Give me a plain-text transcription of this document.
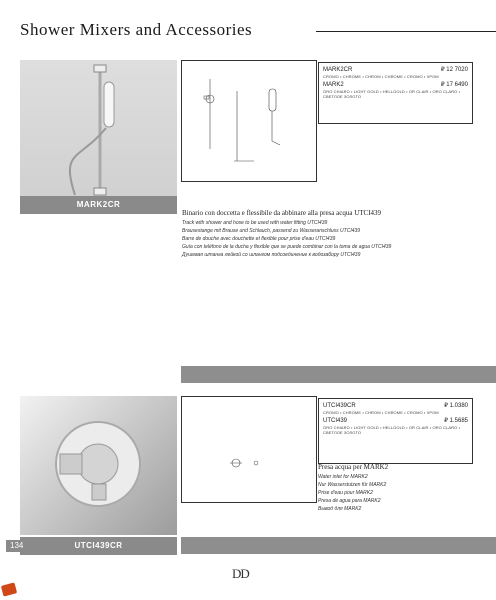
Shower Mixers and Accessories
MARK2CR
MARK2CR	₽ 12 7020
CROMO • CHROME • CHROM • CHROME • CROMO • ХРОМ
MARK2	₽ 17 6490
ORO CHIARO • LIGHT GOLD • HELLGOLD • OR CLAIR • ORO CLARO • СВЕТЛОЕ ЗОЛОТО
Binario con doccetta e flessibile da abbinare alla presa acqua UTCI439
Track with shower and hose to be used with water fitting UTCI439
Brausestange mit Brause und Schlauch, passend zu Wasseranschluss UTCI439
Barre de douche avec douchette et flexible pour prise d'eau UTCI439
Guía con teléfono de la ducha y flexible que se puede combinar con la toma de agua UTCI439
Душевая штанга лейкой со шлангом подсоединение к водозабору UTCI439
UTCI439CR
UTCI439CR	₽ 1.0380
CROMO • CHROME • CHROM • CHROME • CROMO • ХРОМ
UTCI439	₽ 1.5685
ORO CHIARO • LIGHT GOLD • HELLGOLD • OR CLAIR • ORO CLARO • СВЕТЛОЕ ЗОЛОТО
Presa acqua per MARK2
Water inlet for MARK2
Nur Wasserstutzen für MARK2
Prise d'eau pour MARK2
Presa de agua para MARK2
Вывод для MARK2
134
DD
